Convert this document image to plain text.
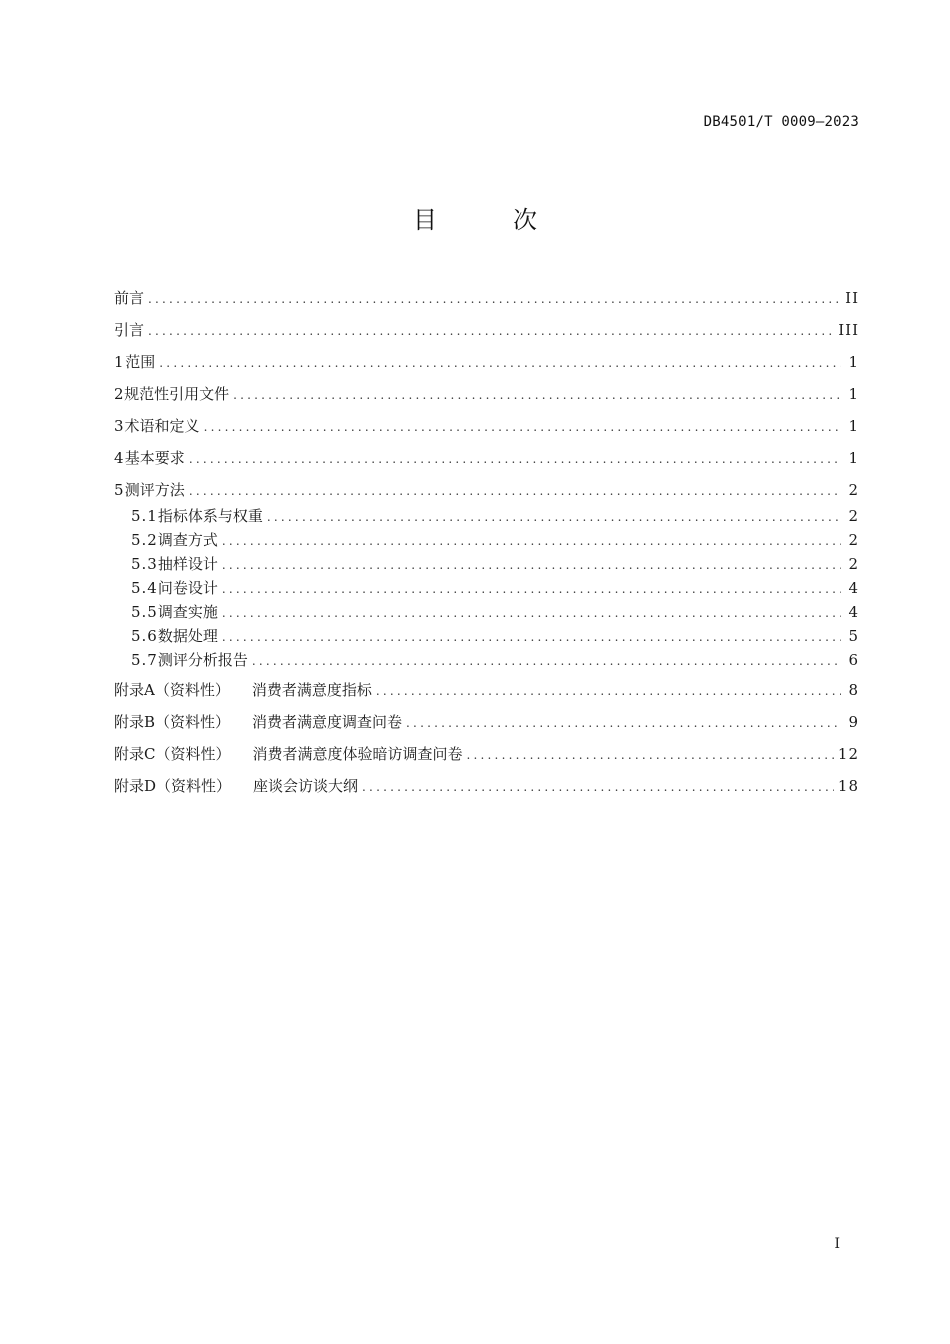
DB4501/T 0009—2023
目　次
前言 .....	II
引言 .....	III
1 范围 .....	1
2 规范性引用文件 .....	1
3 术语和定义 .....	1
4 基本要求 .....	1
5 测评方法 .....	2
5.1 指标体系与权重 .....	2
5.2 调查方式 .....	2
5.3 抽样设计 .....	2
5.4 问卷设计 .....	4
5.5 调查实施 .....	4
5.6 数据处理 .....	5
5.7 测评分析报告 .....	6
附录A（资料性） 消费者满意度指标 .....	8
附录B（资料性） 消费者满意度调查问卷 .....	9
附录C（资料性） 消费者满意度体验暗访调查问卷 .....	12
附录D（资料性） 座谈会访谈大纲 .....	18
I
